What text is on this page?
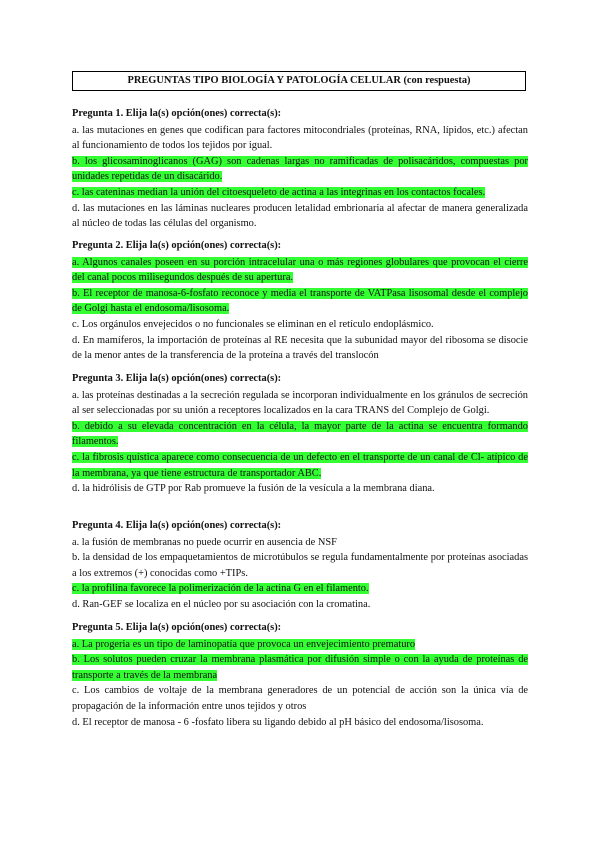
PREGUNTAS TIPO BIOLOGÍA Y PATOLOGÍA CELULAR (con respuesta)
Pregunta 1. Elija la(s) opción(ones) correcta(s):
a. las mutaciones en genes que codifican para factores mitocondriales (proteínas, RNA, lípidos, etc.) afectan al funcionamiento de todos los tejidos por igual.
b. los glicosaminoglicanos (GAG) son cadenas largas no ramificadas de polisacáridos, compuestas por unidades repetidas de un disacárido.
c. las cateninas median la unión del citoesqueleto de actina a las integrinas en los contactos focales.
d. las mutaciones en las láminas nucleares producen letalidad embrionaria al afectar de manera generalizada al núcleo de todas las células del organismo.
Pregunta 2. Elija la(s) opción(ones) correcta(s):
a. Algunos canales poseen en su porción intracelular una o más regiones globulares que provocan el cierre del canal pocos milisegundos después de su apertura.
b. El receptor de manosa-6-fosfato reconoce y media el transporte de VATPasa lisosomal desde el complejo de Golgi hasta el endosoma/lisosoma.
c. Los orgánulos envejecidos o no funcionales se eliminan en el retículo endoplásmico.
d. En mamíferos, la importación de proteínas al RE necesita que la subunidad mayor del ribosoma se disocie de la menor antes de la transferencia de la proteína a través del translocón
Pregunta 3. Elija la(s) opción(ones) correcta(s):
a. las proteínas destinadas a la secreción regulada se incorporan individualmente en los gránulos de secreción al ser seleccionadas por su unión a receptores localizados en la cara TRANS del Complejo de Golgi.
b. debido a su elevada concentración en la célula, la mayor parte de la actina se encuentra formando filamentos.
c. la fibrosis quística aparece como consecuencia de un defecto en el transporte de un canal de Cl- atípico de la membrana, ya que tiene estructura de transportador ABC.
d. la hidrólisis de GTP por Rab promueve la fusión de la vesícula a la membrana diana.
Pregunta 4. Elija la(s) opción(ones) correcta(s):
a. la fusión de membranas no puede ocurrir en ausencia de NSF
b. la densidad de los empaquetamientos de microtúbulos se regula fundamentalmente por proteínas asociadas a los extremos (+) conocidas como +TIPs.
c. la profilina favorece la polimerización de la actina G en el filamento.
d. Ran-GEF se localiza en el núcleo por su asociación con la cromatina.
Pregunta 5. Elija la(s) opción(ones) correcta(s):
a. La progeria es un tipo de laminopatía que provoca un envejecimiento prematuro
b. Los solutos pueden cruzar la membrana plasmática por difusión simple o con la ayuda de proteínas de transporte a través de la membrana
c. Los cambios de voltaje de la membrana generadores de un potencial de acción son la única vía de propagación de la información entre unos tejidos y otros
d. El receptor de manosa - 6 -fosfato libera su ligando debido al pH básico del endosoma/lisosoma.
